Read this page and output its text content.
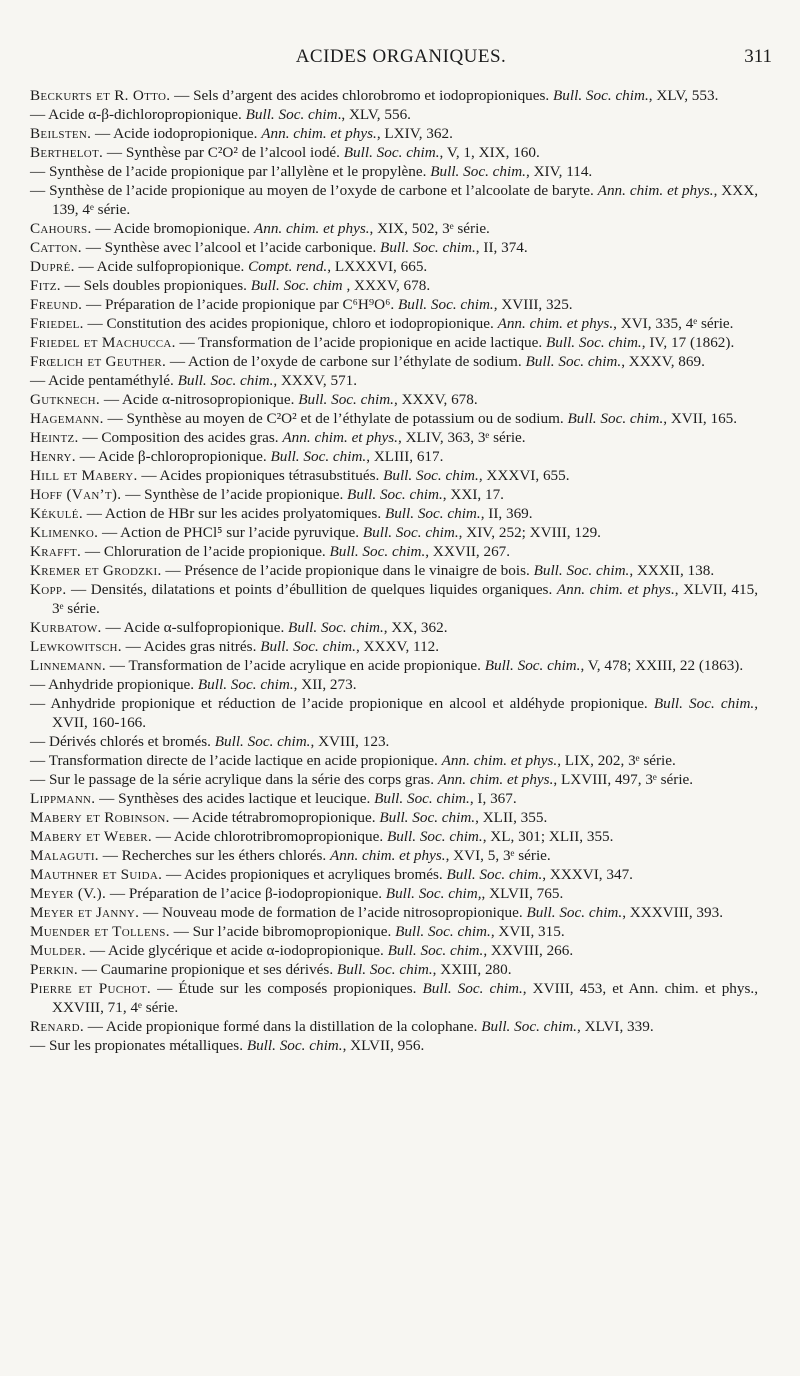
ACIDES ORGANIQUES.	311

Beckurts et R. Otto. — Sels d’argent des acides chlorobromo et iodopropioniques. Bull. Soc. chim., XLV, 553.

— Acide α-β-dichloropropionique. Bull. Soc. chim., XLV, 556.

Beilsten. — Acide iodopropionique. Ann. chim. et phys., LXIV, 362.

Berthelot. — Synthèse par C²O² de l’alcool iodé. Bull. Soc. chim., V, 1, XIX, 160.

— Synthèse de l’acide propionique par l’allylène et le propylène. Bull. Soc. chim., XIV, 114.

— Synthèse de l’acide propionique au moyen de l’oxyde de carbone et l’alcoolate de baryte. Ann. chim. et phys., XXX, 139, 4ᵉ série.

Cahours. — Acide bromopionique. Ann. chim. et phys., XIX, 502, 3ᵉ série.

Catton. — Synthèse avec l’alcool et l’acide carbonique. Bull. Soc. chim., II, 374.

Dupré. — Acide sulfopropionique. Compt. rend., LXXXVI, 665.

Fitz. — Sels doubles propioniques. Bull. Soc. chim , XXXV, 678.

Freund. — Préparation de l’acide propionique par C⁶H⁹O⁶. Bull. Soc. chim., XVIII, 325.

Friedel. — Constitution des acides propionique, chloro et iodopropionique. Ann. chim. et phys., XVI, 335, 4ᵉ série.

Friedel et Machucca. — Transformation de l’acide propionique en acide lactique. Bull. Soc. chim., IV, 17 (1862).

Frœlich et Geuther. — Action de l’oxyde de carbone sur l’éthylate de sodium. Bull. Soc. chim., XXXV, 869.

— Acide pentaméthylé. Bull. Soc. chim., XXXV, 571.

Gutknech. — Acide α-nitrosopropionique. Bull. Soc. chim., XXXV, 678.

Hagemann. — Synthèse au moyen de C²O² et de l’éthylate de potassium ou de sodium. Bull. Soc. chim., XVII, 165.

Heintz. — Composition des acides gras. Ann. chim. et phys., XLIV, 363, 3ᵉ série.

Henry. — Acide β-chloropropionique. Bull. Soc. chim., XLIII, 617.

Hill et Mabery. — Acides propioniques tétrasubstitués. Bull. Soc. chim., XXXVI, 655.

Hoff (Van’t). — Synthèse de l’acide propionique. Bull. Soc. chim., XXI, 17.

Kékulé. — Action de HBr sur les acides prolyatomiques. Bull. Soc. chim., II, 369.

Klimenko. — Action de PHCl⁵ sur l’acide pyruvique. Bull. Soc. chim., XIV, 252; XVIII, 129.

Krafft. — Chloruration de l’acide propionique. Bull. Soc. chim., XXVII, 267.

Kremer et Grodzki. — Présence de l’acide propionique dans le vinaigre de bois. Bull. Soc. chim., XXXII, 138.

Kopp. — Densités, dilatations et points d’ébullition de quelques liquides organiques. Ann. chim. et phys., XLVII, 415, 3ᵉ série.

Kurbatow. — Acide α-sulfopropionique. Bull. Soc. chim., XX, 362.

Lewkowitsch. — Acides gras nitrés. Bull. Soc. chim., XXXV, 112.

Linnemann. — Transformation de l’acide acrylique en acide propionique. Bull. Soc. chim., V, 478; XXIII, 22 (1863).

— Anhydride propionique. Bull. Soc. chim., XII, 273.

— Anhydride propionique et réduction de l’acide propionique en alcool et aldéhyde propionique. Bull. Soc. chim., XVII, 160-166.

— Dérivés chlorés et bromés. Bull. Soc. chim., XVIII, 123.

— Transformation directe de l’acide lactique en acide propionique. Ann. chim. et phys., LIX, 202, 3ᵉ série.

— Sur le passage de la série acrylique dans la série des corps gras. Ann. chim. et phys., LXVIII, 497, 3ᵉ série.

Lippmann. — Synthèses des acides lactique et leucique. Bull. Soc. chim., I, 367.

Mabery et Robinson. — Acide tétrabromopropionique. Bull. Soc. chim., XLII, 355.

Mabery et Weber. — Acide chlorotribromopropionique. Bull. Soc. chim., XL, 301; XLII, 355.

Malaguti. — Recherches sur les éthers chlorés. Ann. chim. et phys., XVI, 5, 3ᵉ série.

Mauthner et Suida. — Acides propioniques et acryliques bromés. Bull. Soc. chim., XXXVI, 347.

Meyer (V.). — Préparation de l’acice β-iodopropionique. Bull. Soc. chim,, XLVII, 765.

Meyer et Janny. — Nouveau mode de formation de l’acide nitrosopropionique. Bull. Soc. chim., XXXVIII, 393.

Muender et Tollens. — Sur l’acide bibromopropionique. Bull. Soc. chim., XVII, 315.

Mulder. — Acide glycérique et acide α-iodopropionique. Bull. Soc. chim., XXVIII, 266.

Perkin. — Caumarine propionique et ses dérivés. Bull. Soc. chim., XXIII, 280.

Pierre et Puchot. — Étude sur les composés propioniques. Bull. Soc. chim., XVIII, 453, et Ann. chim. et phys., XXVIII, 71, 4ᵉ série.

Renard. — Acide propionique formé dans la distillation de la colophane. Bull. Soc. chim., XLVI, 339.

— Sur les propionates métalliques. Bull. Soc. chim., XLVII, 956.
